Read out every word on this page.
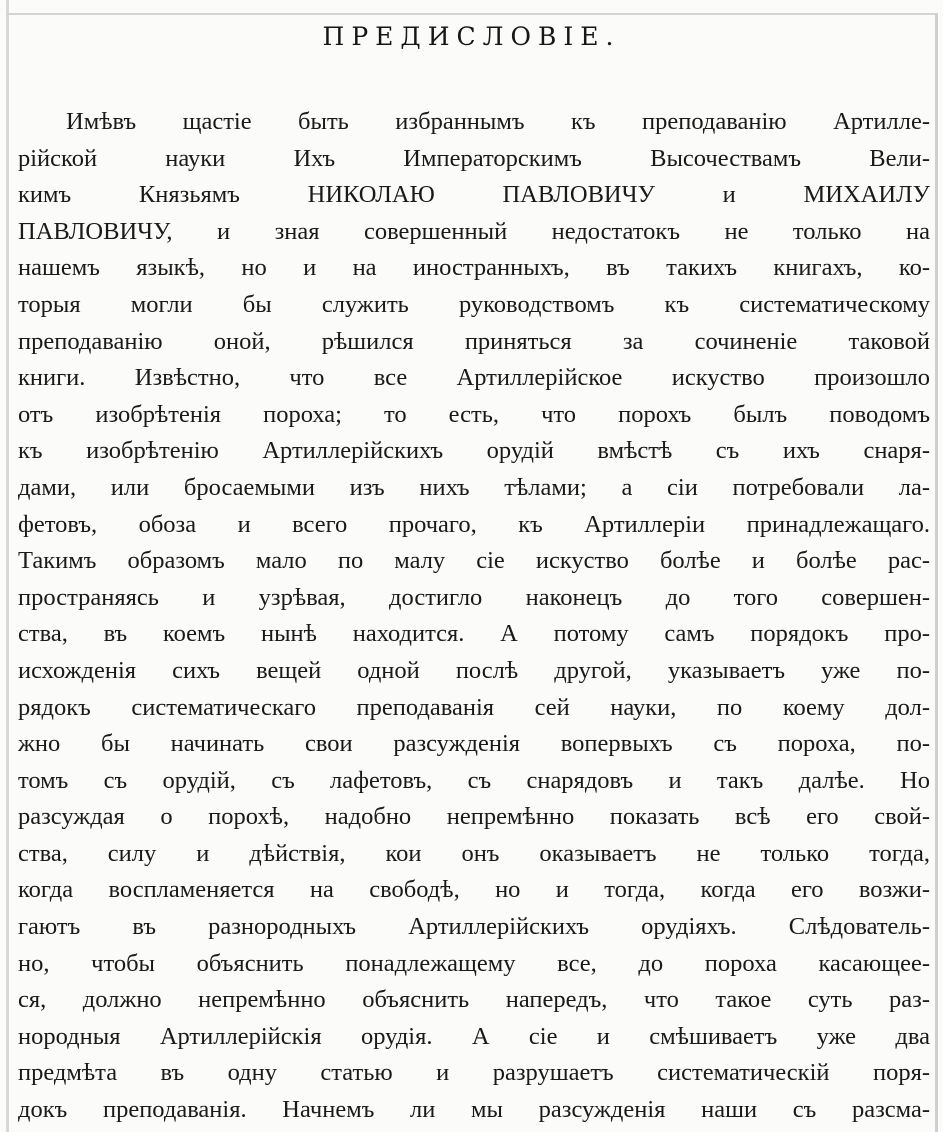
ПРЕДИСЛОВІЕ.
Имѣвъ щастіе быть избраннымъ къ преподаванію Артилле-
рійской науки Ихъ Императорскимъ Высочествамъ Вели-
кимъ Князьямъ НИКОЛАЮ ПАВЛОВИЧУ и МИХАИЛУ
ПАВЛОВИЧУ, и зная совершенный недостатокъ не только на
нашемъ языкѣ, но и на иностранныхъ, въ такихъ книгахъ, ко-
торыя могли бы служить руководствомъ къ систематическому
преподаванію оной, рѣшился приняться за сочиненіе таковой
книги. Извѣстно, что все Артиллерійское искуство произошло
отъ изобрѣтенія пороха; то есть, что порохъ былъ поводомъ
къ изобрѣтенію Артиллерійскихъ орудій вмѣстѣ съ ихъ снаря-
дами, или бросаемыми изъ нихъ тѣлами; а сіи потребовали ла-
фетовъ, обоза и всего прочаго, къ Артиллеріи принадлежащаго.
Такимъ образомъ мало по малу сіе искуство болѣе и болѣе рас-
пространяясь и узрѣвая, достигло наконецъ до того совершен-
ства, въ коемъ нынѣ находится. А потому самъ порядокъ про-
исхожденія сихъ вещей одной послѣ другой, указываетъ уже по-
рядокъ систематическаго преподаванія сей науки, по коему дол-
жно бы начинать свои разсужденія вопервыхъ съ пороха, по-
томъ съ орудій, съ лафетовъ, съ снарядовъ и такъ далѣе. Но
разсуждая о порохѣ, надобно непремѣнно показать всѣ его свой-
ства, силу и дѣйствія, кои онъ оказываетъ не только тогда,
когда воспламеняется на свободѣ, но и тогда, когда его возжи-
гаютъ въ разнородныхъ Артиллерійскихъ орудіяхъ. Слѣдователь-
но, чтобы объяснить понадлежащему все, до пороха касающее-
ся, должно непремѣнно объяснить напередъ, что такое суть раз-
нородныя Артиллерійскія орудія. А сіе и смѣшиваетъ уже два
предмѣта въ одну статью и разрушаетъ систематическій поря-
докъ преподаванія. Начнемъ ли мы разсужденія наши съ разсма-
